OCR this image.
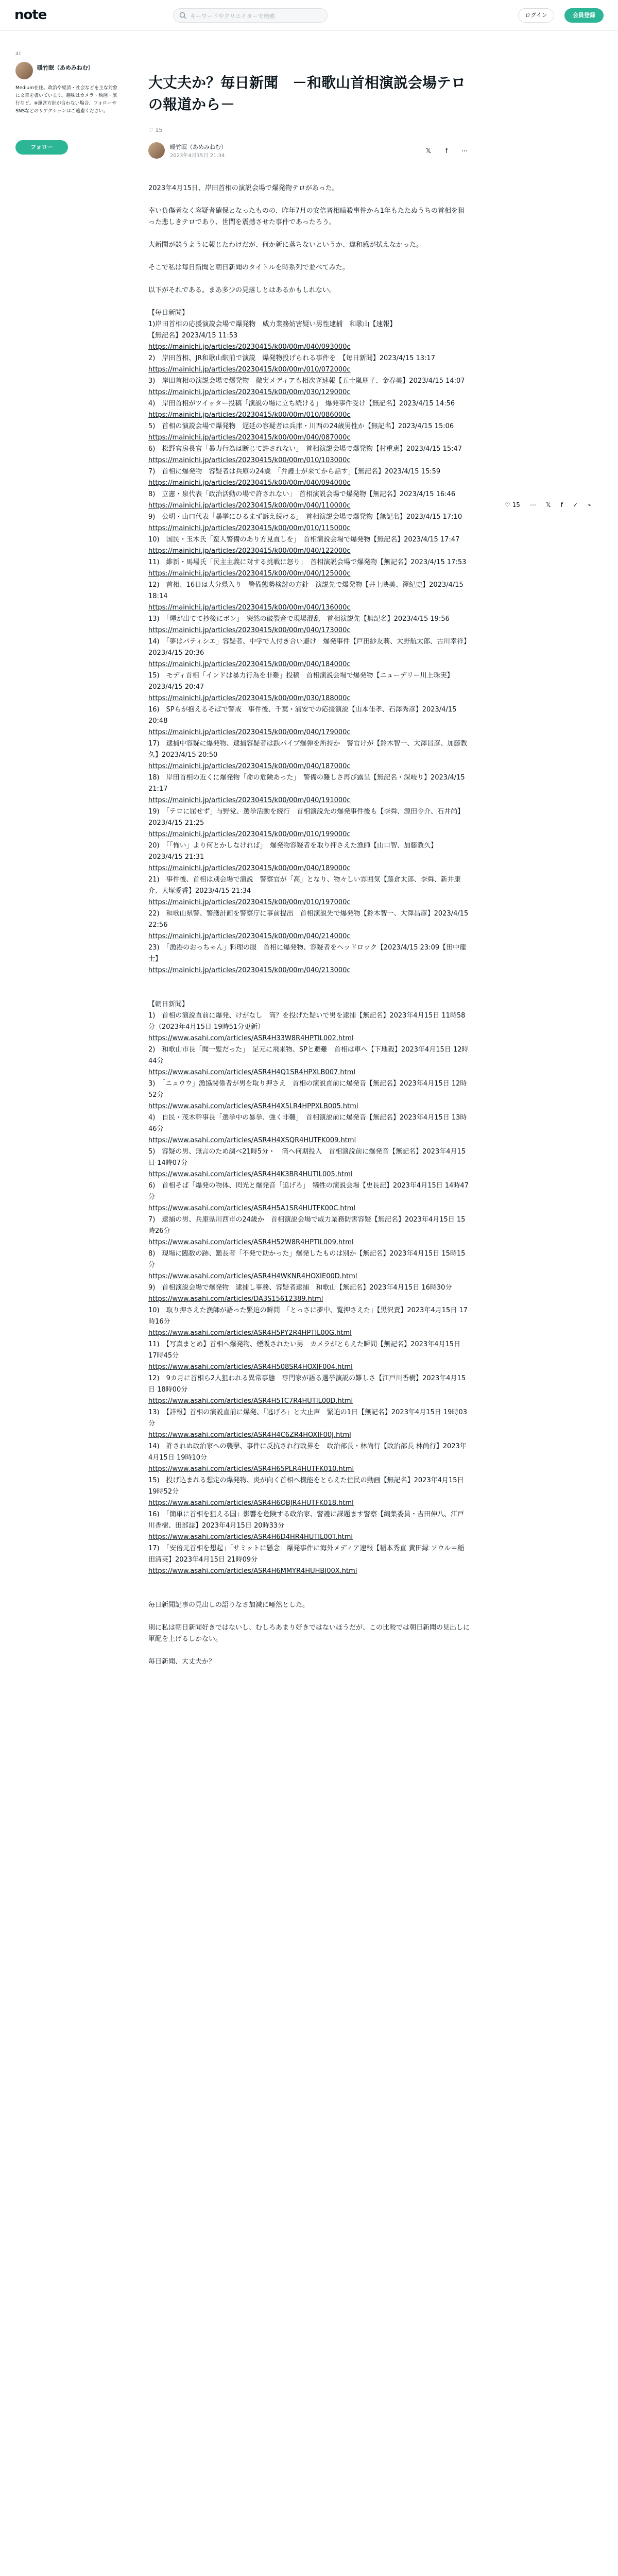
note
キーワードやクリエイターで検索	ログイン	会員登録
41
暖竹眠（あめみねむ）
Medium在住。政治や経済・社会などを主な対象に文章を書いています。趣味はカメラ・映画・旅行など。※運営方針が合わない場合、フォローやSNSなどのリアクションはご遠慮ください。
フォロー
大丈夫か？毎日新聞　－和歌山首相演説会場テロの報道から－
♡ 15
暖竹眠（あめみねむ）
2023年4月15日 21:34
𝕏 f ⋯
♡ 15 ⋯ 𝕏 f ✓ ⌁

2023年4月15日、岸田首相の演説会場で爆発物テロがあった。

幸い負傷者なく容疑者確保となったものの、昨年7月の安倍晋相暗殺事件から1年もたたぬうちの首相を狙った悲しきテロであり、世間を震撼させた事件であったろう。

大新聞が競うように報じたわけだが、何か新に落ちないというか、違和感が拭えなかった。

そこで私は毎日新聞と朝日新聞のタイトルを時系列で並べてみた。

以下がそれである。まあ多少の見落しとはあるかもしれない。

【毎日新聞】

1)岸田首相の応援演説会場で爆発物　威力業務妨害疑い男性逮捕　和歌山【速報】

【無記名】2023/4/15 11:53

https://mainichi.jp/articles/20230415/k00/00m/040/093000c

2)　岸田首相、JR和歌山駅前で演説　爆発物投げられる事件を　【毎日新聞】2023/4/15 13:17

https://mainichi.jp/articles/20230415/k00/00m/010/072000c

3)　岸田首相の演説会場で爆発物　徹実メディアも相次ぎ速報【五十嵐朋子、金春美】2023/4/15 14:07

https://mainichi.jp/articles/20230415/k00/00m/030/129000c

4)　岸田首相がツイッター投稿「演説の場に立ち続ける」　爆発事件受け【無記名】2023/4/15 14:56

https://mainichi.jp/articles/20230415/k00/00m/010/086000c

5)　首相の演説会場で爆発物　遅延の容疑者は兵庫・川西の24歳男性か【無記名】2023/4/15 15:06

https://mainichi.jp/articles/20230415/k00/00m/040/087000c

6)　松野官房長官「暴力行為は断じて許されない」　首相演説会場で爆発物【村重恵】2023/4/15 15:47

https://mainichi.jp/articles/20230415/k00/00m/010/103000c

7)　首相に爆発物　容疑者は兵庫の24歳　「弁護士が来てから話す」【無記名】2023/4/15 15:59

https://mainichi.jp/articles/20230415/k00/00m/040/094000c

8)　立憲・泉代表「政治活動の場で許されない」　首相演説会場で爆発物【無記名】2023/4/15 16:46

https://mainichi.jp/articles/20230415/k00/00m/040/110000c

9)　公明・山口代表「暴挙にひるまず訴え続ける」　首相演説会場で爆発物【無記名】2023/4/15 17:10

https://mainichi.jp/articles/20230415/k00/00m/010/115000c

10)　国民・玉木氏「蛮人警備のあり方見直しを」　首相演説会場で爆発物【無記名】2023/4/15 17:47

https://mainichi.jp/articles/20230415/k00/00m/040/122000c

11)　維新・馬場氏「民主主義に対する挑戦に怒り」　首相演説会場で爆発物【無記名】2023/4/15 17:53

https://mainichi.jp/articles/20230415/k00/00m/040/125000c

12)　首相、16日は大分県入り　警備態勢検討の方針　演説先で爆発物【井上映美、澤紀史】2023/4/15 18:14

https://mainichi.jp/articles/20230415/k00/00m/040/136000c

13)　「煙が出てて抄後にボン」　突然の破裂音で現場混乱　首相演説先【無記名】2023/4/15 19:56

https://mainichi.jp/articles/20230415/k00/00m/040/173000c

14)　「夢はパティシエ」容疑者、中学で人付き合い避け　爆発事件【戸田紗友莉、大野航太郎、古川幸祥】2023/4/15 20:36

https://mainichi.jp/articles/20230415/k00/00m/040/184000c

15)　モディ首相「インドは暴力行為を非難」投稿　首相演説会場で爆発物【ニューデリー川上珠実】2023/4/15 20:47

https://mainichi.jp/articles/20230415/k00/00m/030/188000c

16)　SPらが抱えるそばで警戒　事件後、千葉・浦安での応援演説【山本佳孝、石澤秀彦】2023/4/15 20:48

https://mainichi.jp/articles/20230415/k00/00m/040/179000c

17)　逮捕中容疑に爆発物、逮捕容疑者は鉄パイプ爆弾を所持か　警官けが【鈴木智一、大澤昌彦、加藤教久】2023/4/15 20:50

https://mainichi.jp/articles/20230415/k00/00m/040/187000c

18)　岸田首相の近くに爆発物「命の危険あった」　警備の難しさ再び露呈【無記名・深岐り】2023/4/15 21:17

https://mainichi.jp/articles/20230415/k00/00m/040/191000c

19)　「テロに屈せず」与野党、選挙活動を続行　首相演説先の爆発事件後も【李舜、源田令介、石井尚】2023/4/15 21:25

https://mainichi.jp/articles/20230415/k00/00m/010/199000c

20)　「「怖い」より何とかしなければ」　爆発物容疑者を取り押さえた漁師【山口智、加藤教久】2023/4/15 21:31

https://mainichi.jp/articles/20230415/k00/00m/040/189000c

21)　事件後、首相は別会場で演説　警察官が「高」となり、物々しい雰囲気【藤倉太郎、李舜、新井康介、大塚愛香】2023/4/15 21:34

https://mainichi.jp/articles/20230415/k00/00m/010/197000c

22)　和歌山県警、警護計画を警察庁に事前提出　首相演説先で爆発物【鈴木智一、大澤昌彦】2023/4/15 22:56

https://mainichi.jp/articles/20230415/k00/00m/040/214000c

23)　「漁港のおっちゃん」料理の服　首相に爆発物、容疑者をヘッドロック【2023/4/15 23:09【田中龍士】

https://mainichi.jp/articles/20230415/k00/00m/040/213000c

【朝日新聞】

1)　首相の演説直前に爆発、けがなし　筒？を投げた疑いで男を逮捕【無記名】2023年4月15日 11時58分（2023年4月15日 19時51分更新）

https://www.asahi.com/articles/ASR4H33W8R4HPTIL002.html

2)　和歌山市長「聞一髪だった」　足元に飛来物、SPと避難　首相は車へ【下地毅】2023年4月15日 12時44分

https://www.asahi.com/articles/ASR4H4Q1SR4HPXLB007.html

3)　「ニュウウ」漁協関係者が男を取り押さえ　首相の演説直前に爆発音【無記名】2023年4月15日 12時52分

https://www.asahi.com/articles/ASR4H4X5LR4HPPXLB005.html

4)　自民・茂木幹事長「選挙中の暴挙、強く非難」　首相演説前に爆発音【無記名】2023年4月15日 13時46分

https://www.asahi.com/articles/ASR4H4XSQR4HUTFK009.html

5)　容疑の男、無言のため調べ21時5分・　筒へ何期投入　首相演説前に爆発音【無記名】2023年4月15日 14時07分

https://www.asahi.com/articles/ASR4H4K3BR4HUTIL005.html

6)　首相そば「爆発の物体、閃光と爆発音「追げろ」　犠牲の演説会場【史長記】2023年4月15日 14時47分

https://www.asahi.com/articles/ASR4H5A1SR4HUTFK00C.html

7)　逮捕の男、兵庫県川西市の24歳か　首相演説会場で威力業務防害容疑【無記名】2023年4月15日 15時26分

https://www.asahi.com/articles/ASR4H52W8R4HPTIL009.html

8)　現場に臨数の跡、鑑長者「不発で助かった」爆発したものは別か【無記名】2023年4月15日 15時15分

https://www.asahi.com/articles/ASR4H4WKNR4HOXIE00D.html

9)　首相演説会場で爆発物　逮捕し事務、容疑者逮捕　和歌山【無記名】2023年4月15日 16時30分

https://www.asahi.com/articles/DA3S15612389.html

10)　取り押さえた漁師が語った緊迫の瞬間　「とっさに夢中、覧押さえた」【黒沢責】2023年4月15日 17時16分

https://www.asahi.com/articles/ASR4H5PY2R4HPTIL00G.html

11)　【写真まとめ】首相へ爆発物、煙吸されたい男　カメラがとらえた瞬間【無記名】2023年4月15日 17時45分

https://www.asahi.com/articles/ASR4H508SR4HOXIF004.html

12)　9カ月に首相ら2人狙われる異常事態　専門家が語る選挙演説の難しさ【江戸川香樹】2023年4月15日 18時00分

https://www.asahi.com/articles/ASR4H5TC7R4HUTIL00D.html

13)　【詳報】首相の演説直前に爆発、「逃げろ」と大止声　緊迫の1日【無記名】2023年4月15日 19時03分

https://www.asahi.com/articles/ASR4H4C6ZR4HOXIF00J.html

14)　許されぬ政治家への襲撃、事件に反抗され行政界を　政治部長・林尚行【政治部長 林尚行】2023年4月15日 19時10分

https://www.asahi.com/articles/ASR4H65PLR4HUTFK010.html

15)　投げ込まれる想定の爆発物、炎が向く首相へ機能をとらえた住民の動画【無記名】2023年4月15日 19時52分

https://www.asahi.com/articles/ASR4H6QBJR4HUTFK018.html

16)　「簡単に首相を狙える国」影響を危険する政治家、警護に課題ます警察【編集委員・吉田伸八、江戸川香樹、田部誌】2023年4月15日 20時33分

https://www.asahi.com/articles/ASR4H6D4HR4HUTIL00T.html

17)　「安倍元首相を想起」「サミットに懸念」爆発事件に海外メディア速報【稲本秀直 黄田縁 ソウル＝稲田清英】2023年4月15日 21時09分

https://www.asahi.com/articles/ASR4H6MMYR4HUHBI00X.html

毎日新聞記事の見出しの語りなさ加減に唖然とした。

別に私は朝日新聞好きではないし、むしろあまり好きではないほうだが、この比較では朝日新聞の見出しに軍配を上げるしかない。

毎日新聞、大丈夫か？
